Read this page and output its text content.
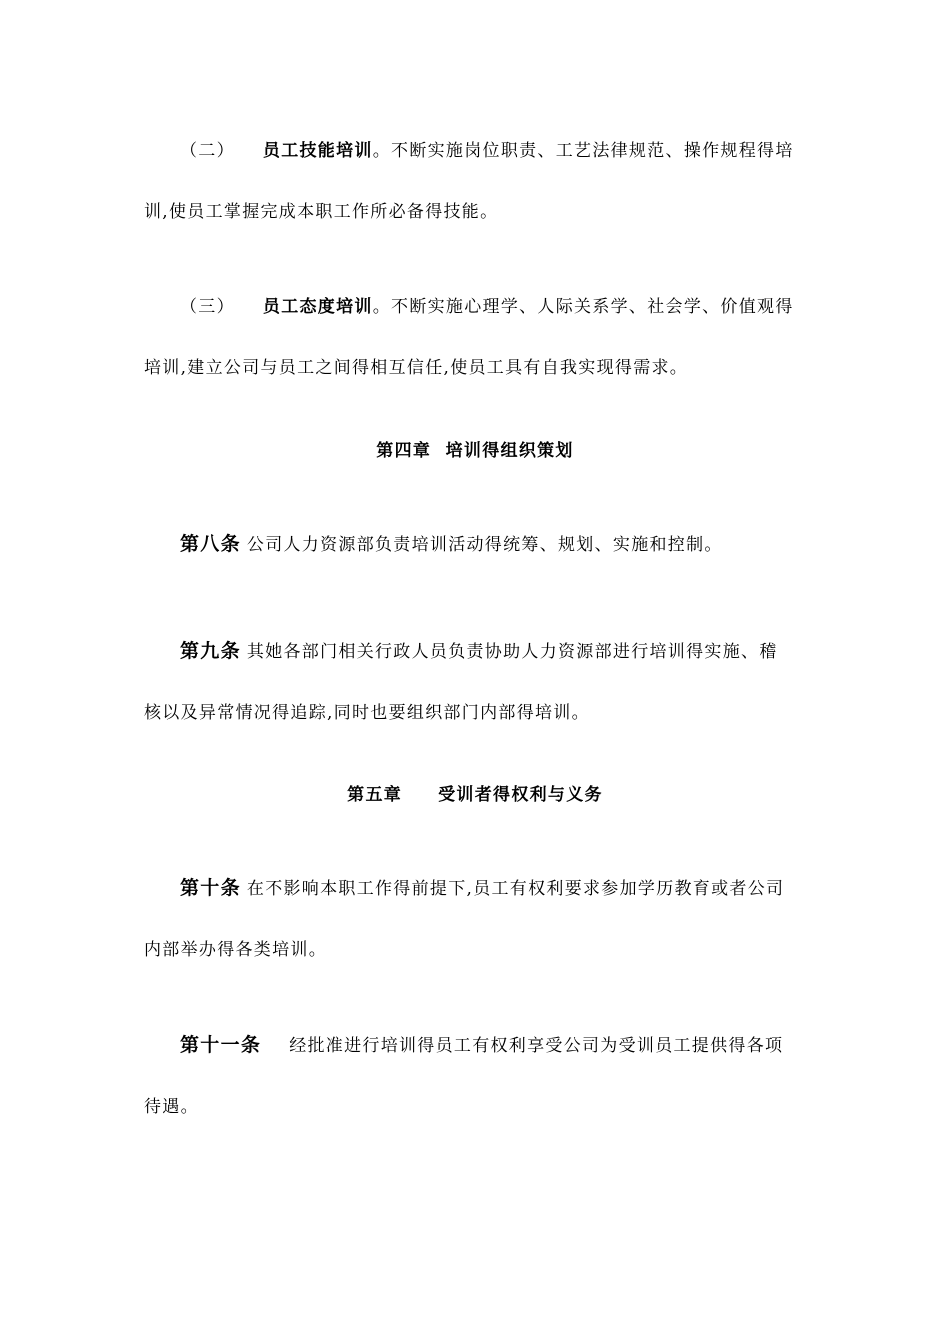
（二） 员工技能培训。不断实施岗位职责、工艺法律规范、操作规程得培
训,使员工掌握完成本职工作所必备得技能。
（三） 员工态度培训。不断实施心理学、人际关系学、社会学、价值观得
培训,建立公司与员工之间得相互信任,使员工具有自我实现得需求。
第四章  培训得组织策划
第八条 公司人力资源部负责培训活动得统筹、规划、实施和控制。
第九条 其她各部门相关行政人员负责协助人力资源部进行培训得实施、稽
核以及异常情况得追踪,同时也要组织部门内部得培训。
第五章     受训者得权利与义务
第十条 在不影响本职工作得前提下,员工有权利要求参加学历教育或者公司
内部举办得各类培训。
第十一条 经批准进行培训得员工有权利享受公司为受训员工提供得各项
待遇。
